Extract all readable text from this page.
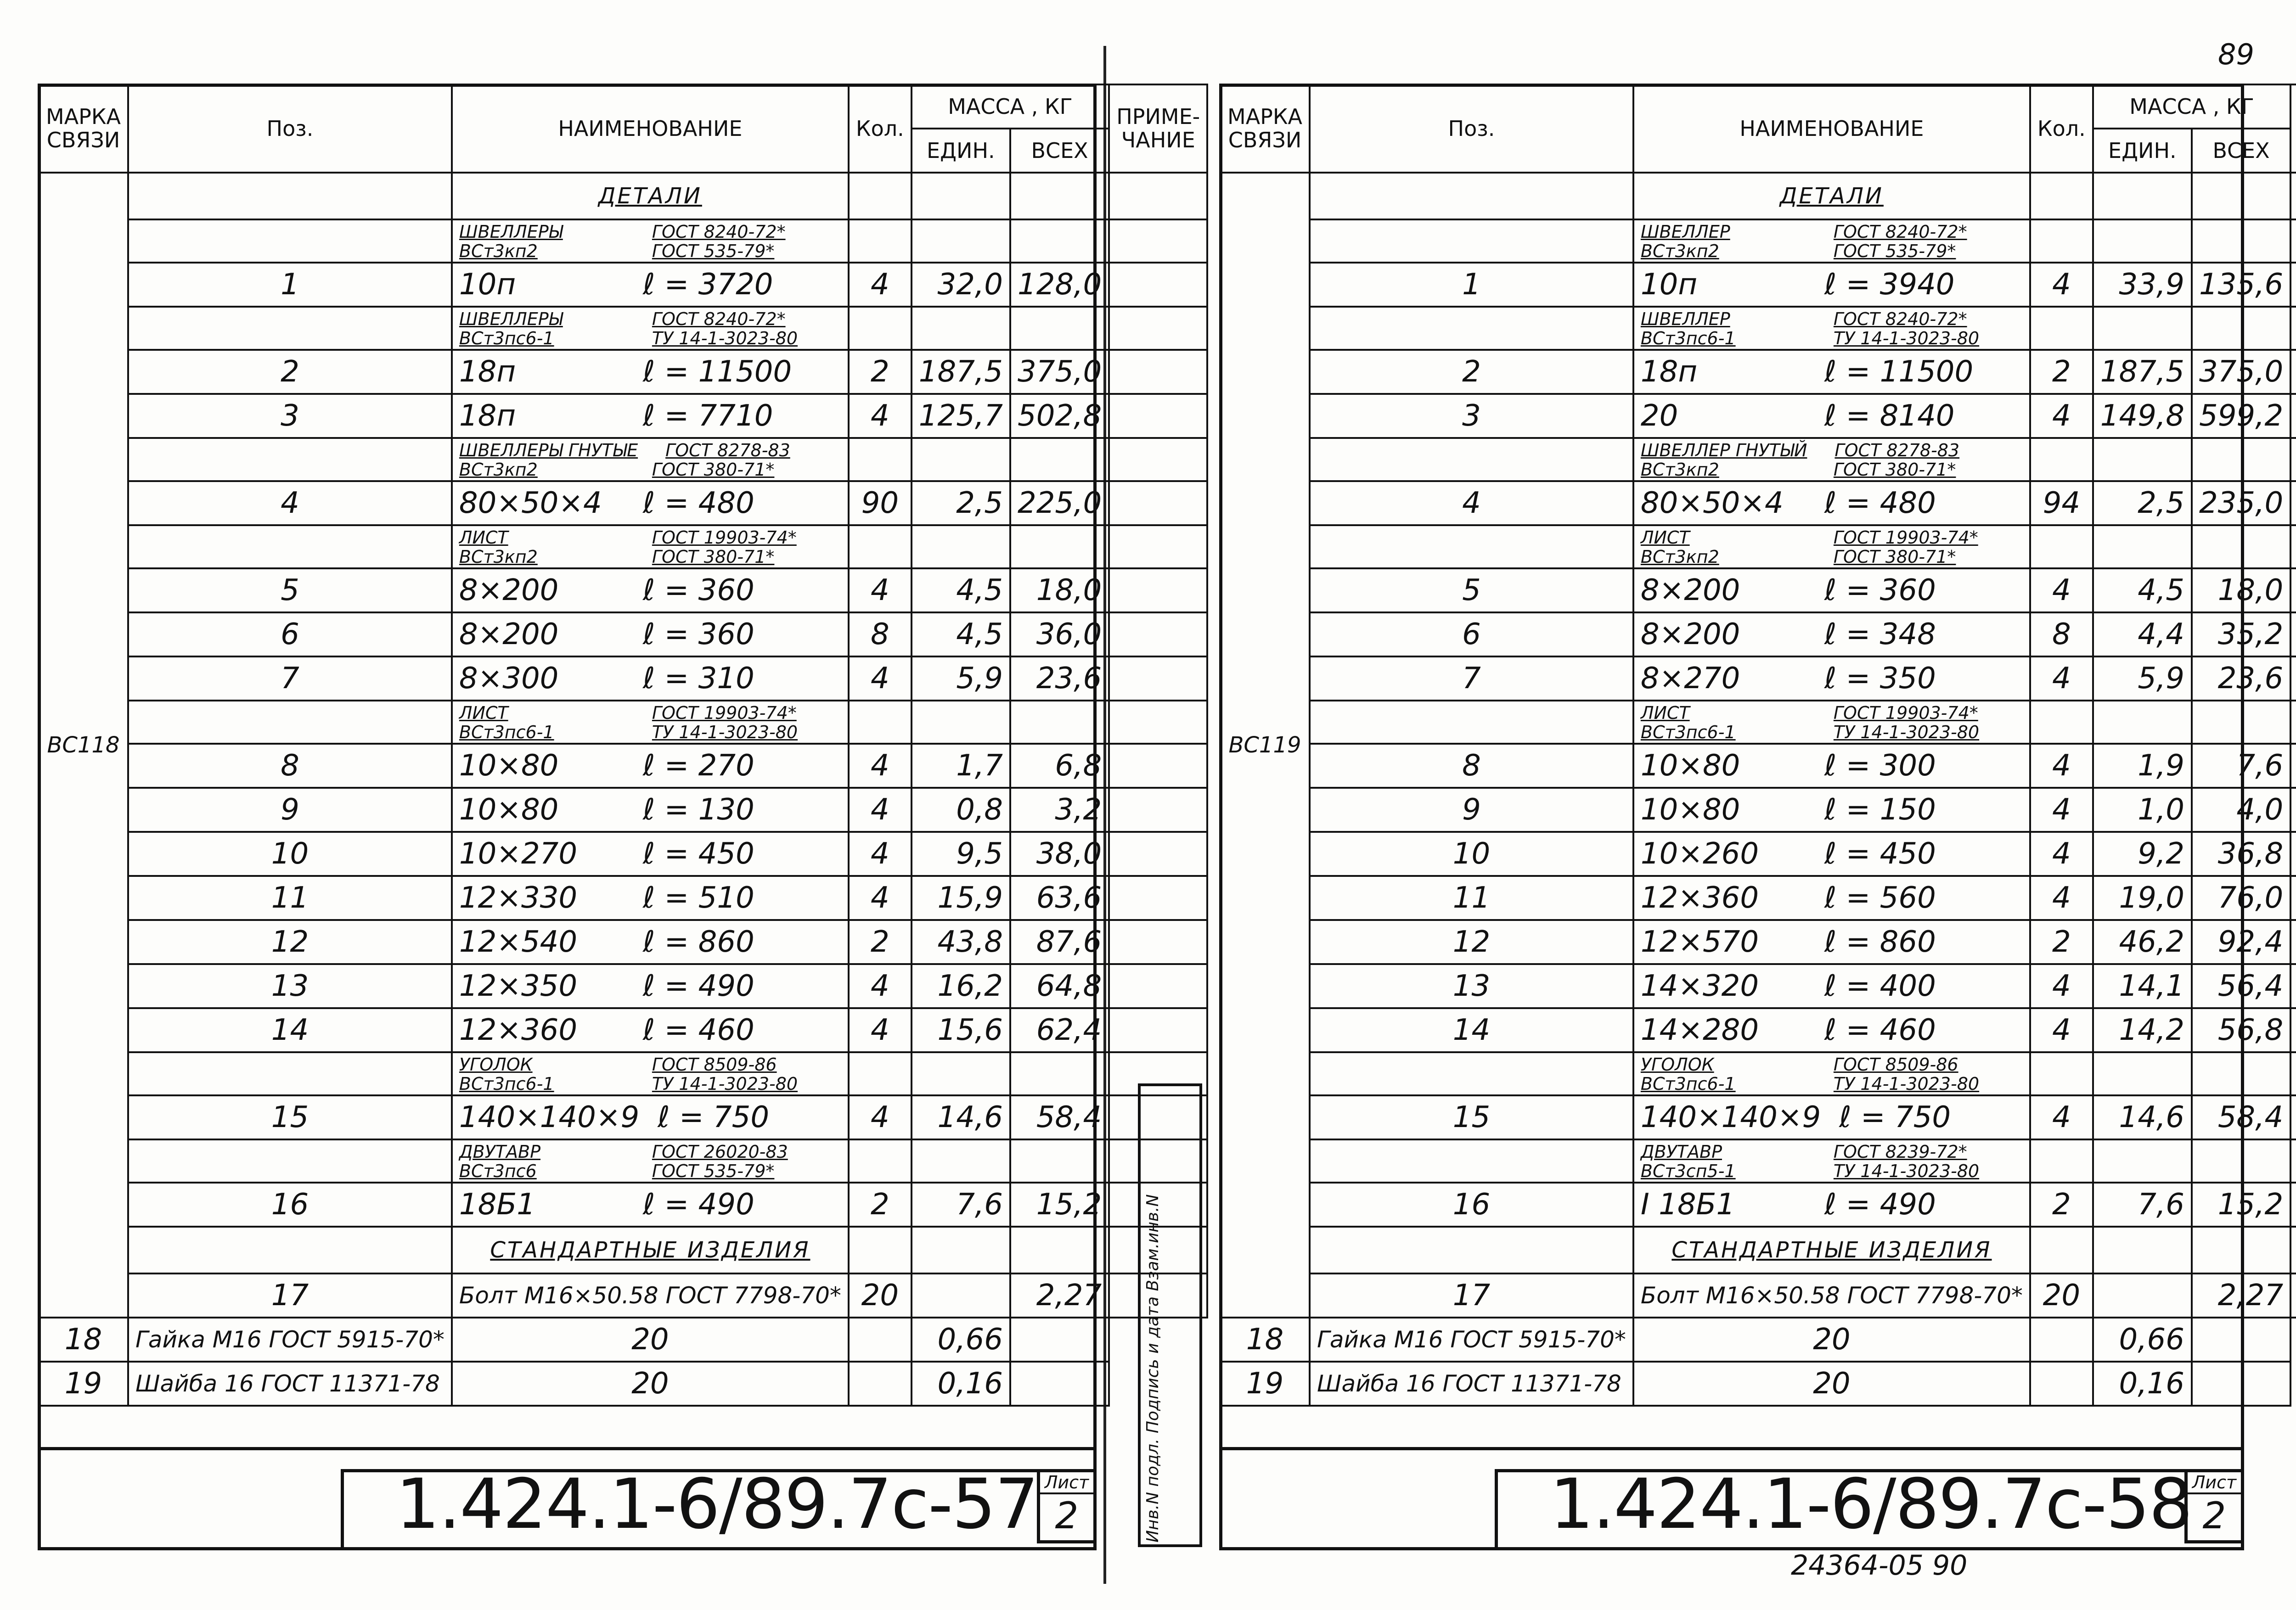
89
МАРКА СВЯЗИ	Поз.	НАИМЕНОВАНИЕ	Кол.	МАССА , КГ		ПРИМЕ-ЧАНИЕ
				ЕДИН.	ВСЕХ	
ВС118		ДЕТАЛИ				

		ШВЕЛЛЕРЫ ГОСТ 8240-72*
ВСт3кп2 ГОСТ 535-79*				

	1	10п ℓ = 3720	4	32,0	128,0	

		ШВЕЛЛЕРЫ ГОСТ 8240-72*
ВСт3пс6-1 ТУ 14-1-3023-80				

	2	18п ℓ = 11500	2	187,5	375,0	
	3	18п ℓ = 7710	4	125,7	502,8	

		ШВЕЛЛЕРЫ ГНУТЫЕ ГОСТ 8278-83
ВСт3кп2 ГОСТ 380-71*				

	4	80×50×4 ℓ = 480	90	2,5	225,0	

		ЛИСТ ГОСТ 19903-74*
ВСт3кп2 ГОСТ 380-71*				

	5	8×200 ℓ = 360	4	4,5	18,0	
	6	8×200 ℓ = 360	8	4,5	36,0	
	7	8×300 ℓ = 310	4	5,9	23,6	

		ЛИСТ ГОСТ 19903-74*
ВСт3пс6-1 ТУ 14-1-3023-80				

	8	10×80 ℓ = 270	4	1,7	6,8	
	9	10×80 ℓ = 130	4	0,8	3,2	
	10	10×270 ℓ = 450	4	9,5	38,0	
	11	12×330 ℓ = 510	4	15,9	63,6	
	12	12×540 ℓ = 860	2	43,8	87,6	
	13	12×350 ℓ = 490	4	16,2	64,8	
	14	12×360 ℓ = 460	4	15,6	62,4	

		УГОЛОК ГОСТ 8509-86
ВСт3пс6-1 ТУ 14-1-3023-80				

	15	140×140×9 ℓ = 750	4	14,6	58,4	

		ДВУТАВР ГОСТ 26020-83
ВСт3пс6 ГОСТ 535-79*				

	16	18Б1 ℓ = 490	2	7,6	15,2	
		СТАНДАРТНЫЕ ИЗДЕЛИЯ				
	17	Болт М16×50.58 ГОСТ 7798-70*	20		2,27	
18	Гайка М16 ГОСТ 5915-70*	20		0,66		
19	Шайба 16 ГОСТ 11371-78	20		0,16		
1.424.1-6/89.7с-57 Лист
2
МАРКА СВЯЗИ	Поз.	НАИМЕНОВАНИЕ	Кол.	МАССА , КГ	
				ЕДИН.	ВСЕХ	
ВС119		ДЕТАЛИ				

		ШВЕЛЛЕР ГОСТ 8240-72*
ВСт3кп2 ГОСТ 535-79*				

	1	10п ℓ = 3940	4	33,9	135,6	

		ШВЕЛЛЕР ГОСТ 8240-72*
ВСт3пс6-1 ТУ 14-1-3023-80				

	2	18п ℓ = 11500	2	187,5	375,0	
	3	20 ℓ = 8140	4	149,8	599,2	

		ШВЕЛЛЕР ГНУТЫЙ ГОСТ 8278-83
ВСт3кп2 ГОСТ 380-71*				

	4	80×50×4 ℓ = 480	94	2,5	235,0	

		ЛИСТ ГОСТ 19903-74*
ВСт3кп2 ГОСТ 380-71*				

	5	8×200 ℓ = 360	4	4,5	18,0	
	6	8×200 ℓ = 348	8	4,4	35,2	
	7	8×270 ℓ = 350	4	5,9	23,6	

		ЛИСТ ГОСТ 19903-74*
ВСт3пс6-1 ТУ 14-1-3023-80				

	8	10×80 ℓ = 300	4	1,9	7,6	
	9	10×80 ℓ = 150	4	1,0	4,0	
	10	10×260 ℓ = 450	4	9,2	36,8	
	11	12×360 ℓ = 560	4	19,0	76,0	
	12	12×570 ℓ = 860	2	46,2	92,4	
	13	14×320 ℓ = 400	4	14,1	56,4	
	14	14×280 ℓ = 460	4	14,2	56,8	

		УГОЛОК ГОСТ 8509-86
ВСт3пс6-1 ТУ 14-1-3023-80				

	15	140×140×9 ℓ = 750	4	14,6	58,4	

		ДВУТАВР ГОСТ 8239-72*
ВСт3сп5-1 ТУ 14-1-3023-80				

	16	I 18Б1 ℓ = 490	2	7,6	15,2	
		СТАНДАРТНЫЕ ИЗДЕЛИЯ				
	17	Болт М16×50.58 ГОСТ 7798-70*	20		2,27	
18	Гайка М16 ГОСТ 5915-70*	20		0,66		
19	Шайба 16 ГОСТ 11371-78	20		0,16		
1.424.1-6/89.7с-58 Лист
2
Инв.N подл. Подпись и дата Взам.инв.N
24364-05 90
